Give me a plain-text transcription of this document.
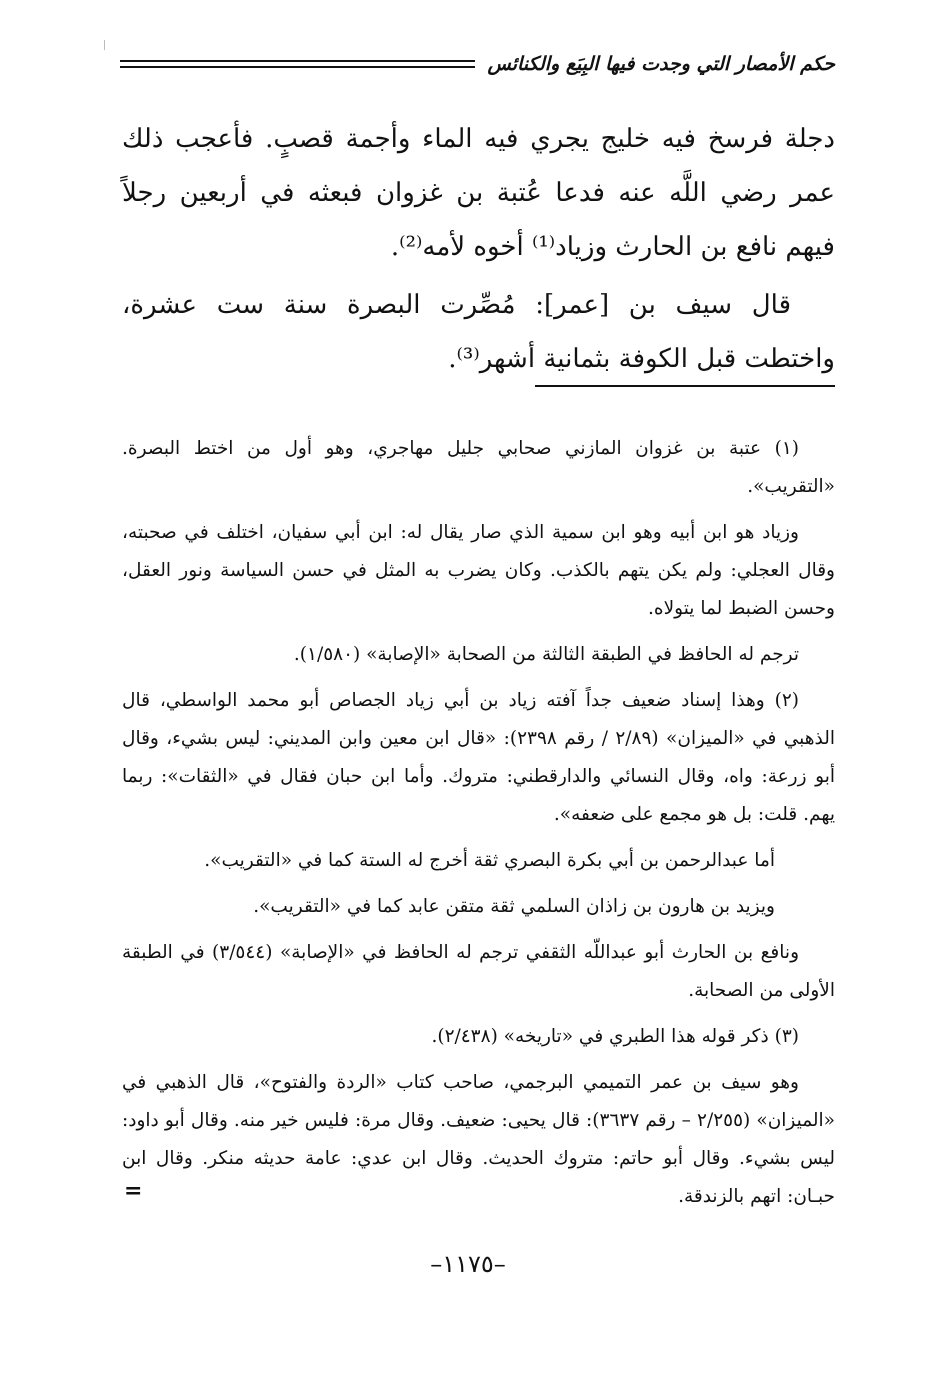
حكم الأمصار التي وجدت فيها البِيَع والكنائس

دجلة فرسخ فيه خليج يجري فيه الماء وأجمة قصبٍ. فأعجب ذلك عمر رضي اللَّه عنه فدعا عُتبة بن غزوان فبعثه في أربعين رجلاً فيهم نافع بن الحارث وزياد⁽¹⁾ أخوه لأمه⁽²⁾.

قال سيف بن [عمر]: مُصِّرت البصرة سنة ست عشرة، واختطت قبل الكوفة بثمانية أشهر⁽³⁾.

(١) عتبة بن غزوان المازني صحابي جليل مهاجري، وهو أول من اختط البصرة. «التقريب».

وزياد هو ابن أبيه وهو ابن سمية الذي صار يقال له: ابن أبي سفيان، اختلف في صحبته، وقال العجلي: ولم يكن يتهم بالكذب. وكان يضرب به المثل في حسن السياسة ونور العقل، وحسن الضبط لما يتولاه.

ترجم له الحافظ في الطبقة الثالثة من الصحابة «الإصابة» (١/٥٨٠).

(٢) وهذا إسناد ضعيف جداً آفته زياد بن أبي زياد الجصاص أبو محمد الواسطي، قال الذهبي في «الميزان» (٢/٨٩ / رقم ٢٣٩٨): «قال ابن معين وابن المديني: ليس بشيء، وقال أبو زرعة: واه، وقال النسائي والدارقطني: متروك. وأما ابن حبان فقال في «الثقات»: ربما يهم. قلت: بل هو مجمع على ضعفه».

أما عبدالرحمن بن أبي بكرة البصري ثقة أخرج له الستة كما في «التقريب».

ويزيد بن هارون بن زاذان السلمي ثقة متقن عابد كما في «التقريب».

ونافع بن الحارث أبو عبداللّه الثقفي ترجم له الحافظ في «الإصابة» (٣/٥٤٤) في الطبقة الأولى من الصحابة.

(٣) ذكر قوله هذا الطبري في «تاريخه» (٢/٤٣٨).

وهو سيف بن عمر التميمي البرجمي، صاحب كتاب «الردة والفتوح»، قال الذهبي في «الميزان» (٢/٢٥٥ – رقم ٣٦٣٧): قال يحيى: ضعيف. وقال مرة: فليس خير منه. وقال أبو داود: ليس بشيء. وقال أبو حاتم: متروك الحديث. وقال ابن عدي: عامة حديثه منكر. وقال ابن حبـان: اتهم بالزندقة.

=
–١١٧٥–
